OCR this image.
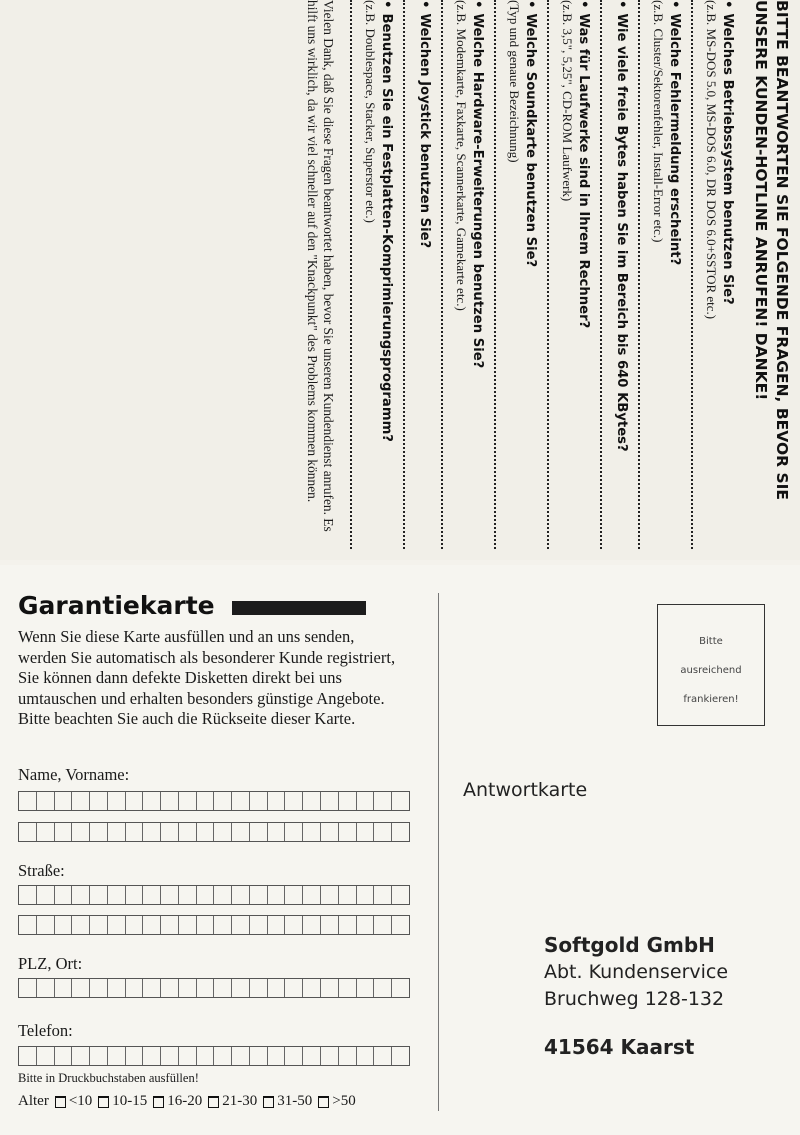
BITTE BEANTWORTEN SIE FOLGENDE FRAGEN, BEVOR SIE UNSERE KUNDEN-HOTLINE ANRUFEN! DANKE!
•Welches Betriebssystem benutzen Sie?
(z.B. MS-DOS 5.0, MS-DOS 6.0, DR DOS 6.0+SSTOR etc.)
•Welche Fehlermeldung erscheint?
(z.B. Cluster/Sektorenfehler, Install-Error etc.)
•Wie viele freie Bytes haben Sie im Bereich bis 640 KBytes?
•Was für Laufwerke sind in Ihrem Rechner?
(z.B. 3,5", 5,25", CD-ROM Laufwerk)
•Welche Soundkarte benutzen Sie?
(Typ und genaue Bezeichnung)
•Welche Hardware-Erweiterungen benutzen Sie?
(z.B. Modemkarte, Faxkarte, Scannerkarte, Gamekarte etc.)
•Welchen Joystick benutzen Sie?
•Benutzen Sie ein Festplatten-Komprimierungsprogramm?
(z.B. Doublespace, Stacker, Superstor etc.)
Vielen Dank, daß Sie diese Fragen beantwortet haben, bevor Sie unseren Kundendienst anrufen. Es hilft uns wirklich, da wir viel schneller auf den "Knackpunkt" des Problems kommen können.
Garantiekarte
Wenn Sie diese Karte ausfüllen und an uns senden, werden Sie automatisch als besonderer Kunde registriert, Sie können dann defekte Disketten direkt bei uns umtauschen und erhalten besonders günstige Angebote. Bitte beachten Sie auch die Rückseite dieser Karte.
Name, Vorname:
Straße:
PLZ, Ort:
Telefon:
Bitte in Druckbuchstaben ausfüllen!
Alter <10 10-15 16-20 21-30 31-50 >50
Bitte
ausreichend
frankieren!
Antwortkarte
Softgold GmbH
Abt. Kundenservice
Bruchweg 128-132
41564 Kaarst
